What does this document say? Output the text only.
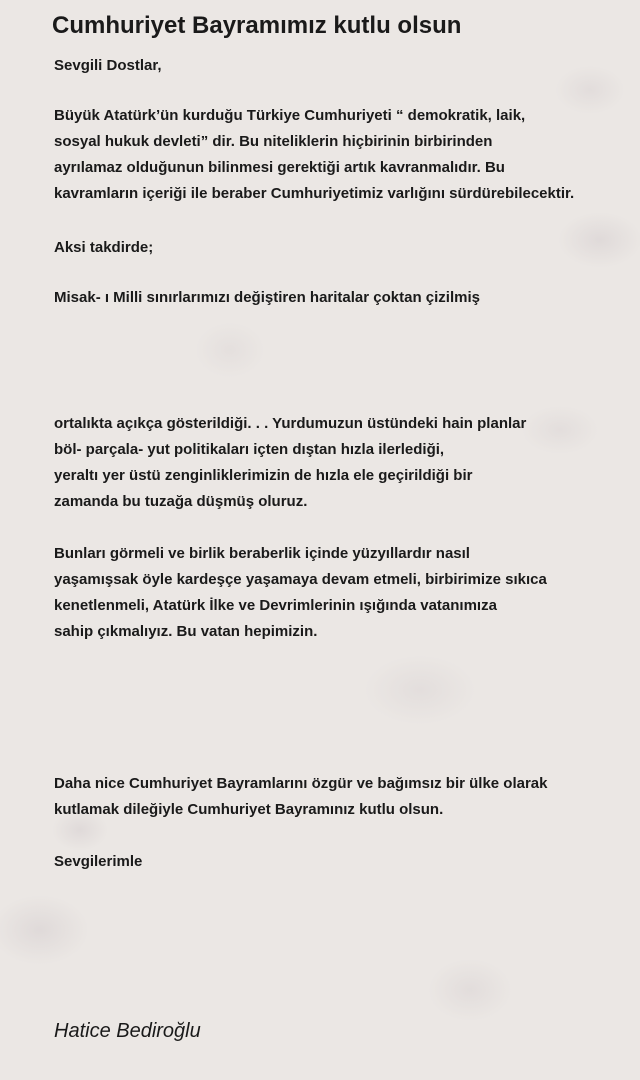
Cumhuriyet Bayramımız kutlu olsun

Sevgili Dostlar,

Büyük Atatürk’ün kurduğu Türkiye Cumhuriyeti “ demokratik, laik,
sosyal hukuk devleti” dir. Bu niteliklerin hiçbirinin birbirinden
ayrılamaz olduğunun bilinmesi gerektiği artık kavranmalıdır. Bu
kavramların içeriği ile beraber Cumhuriyetimiz varlığını sürdürebilecektir.

Aksi takdirde;

Misak- ı Milli sınırlarımızı değiştiren haritalar çoktan çizilmiş

ortalıkta açıkça gösterildiği. . . Yurdumuzun üstündeki hain planlar
böl- parçala- yut politikaları içten dıştan hızla ilerlediği,
yeraltı yer üstü zenginliklerimizin de hızla ele geçirildiği bir
zamanda bu tuzağa düşmüş oluruz.

Bunları görmeli ve birlik beraberlik içinde yüzyıllardır nasıl
yaşamışsak öyle kardeşçe yaşamaya devam etmeli, birbirimize sıkıca
kenetlenmeli, Atatürk İlke ve Devrimlerinin ışığında vatanımıza
sahip çıkmalıyız. Bu vatan hepimizin.

Daha nice Cumhuriyet Bayramlarını özgür ve bağımsız bir ülke olarak
kutlamak dileğiyle Cumhuriyet Bayramınız kutlu olsun.

Sevgilerimle

Hatice Bediroğlu
